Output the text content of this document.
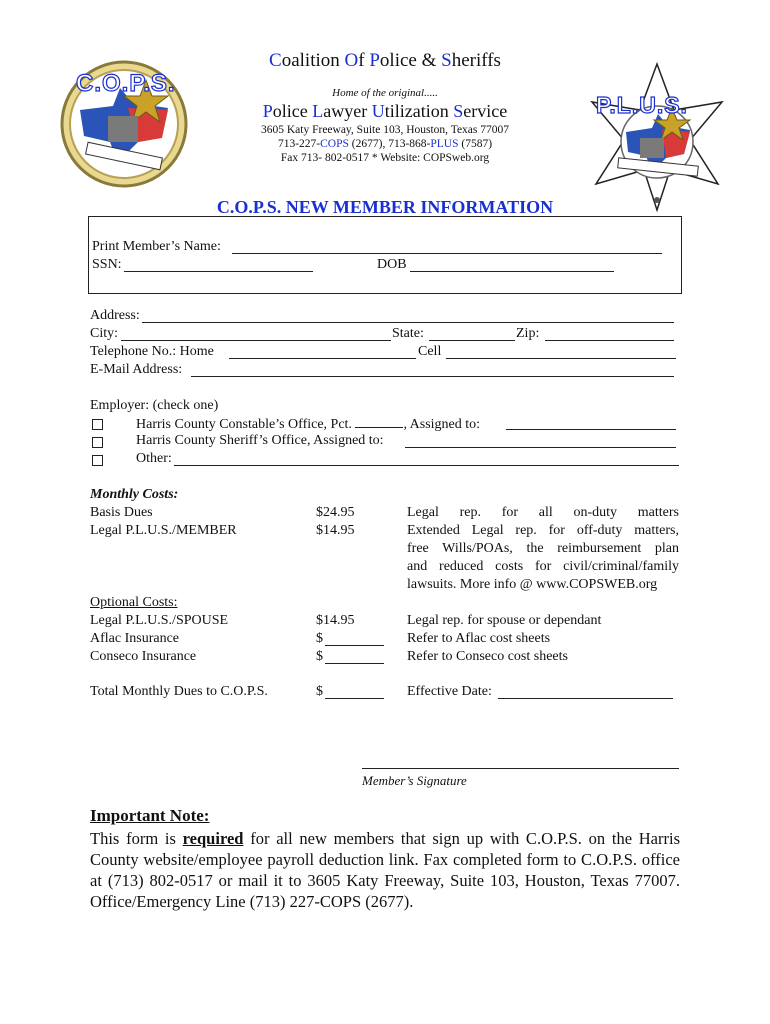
C.O.P.S.
P.L.U.S.
Coalition Of Police & Sheriffs
Home of the original.....
Police Lawyer Utilization Service
3605 Katy Freeway, Suite 103, Houston, Texas 77007
713-227-COPS (2677), 713-868-PLUS (7587)
Fax 713- 802-0517 * Website: COPSweb.org
C.O.P.S. NEW MEMBER INFORMATION
Print Member’s Name:
SSN:	DOB
Address:
City:	State:	Zip:
Telephone No.: Home	Cell
E-Mail Address:
Employer: (check one)
Harris County Constable’s Office, Pct.	, Assigned to:
Harris County Sheriff’s Office, Assigned to:
Other:
Monthly Costs:
Basis Dues	$24.95	Legal rep. for all on-duty matters
Legal P.L.U.S./MEMBER	$14.95	Extended Legal rep. for off-duty matters,
free Wills/POAs, the reimbursement plan
and reduced costs for civil/criminal/family
lawsuits. More info @ www.COPSWEB.org
Optional Costs:
Legal P.L.U.S./SPOUSE	$14.95	Legal rep. for spouse or dependant
Aflac Insurance	$	Refer to Aflac cost sheets
Conseco Insurance	$	Refer to Conseco cost sheets
Total Monthly Dues to C.O.P.S.	$	Effective Date:
Member’s Signature
Important Note:
This form is required for all new members that sign up with C.O.P.S. on the Harris County website/employee payroll deduction link. Fax completed form to C.O.P.S. office at (713) 802-0517 or mail it to 3605 Katy Freeway, Suite 103, Houston, Texas 77007. Office/Emergency Line (713) 227-COPS (2677).
